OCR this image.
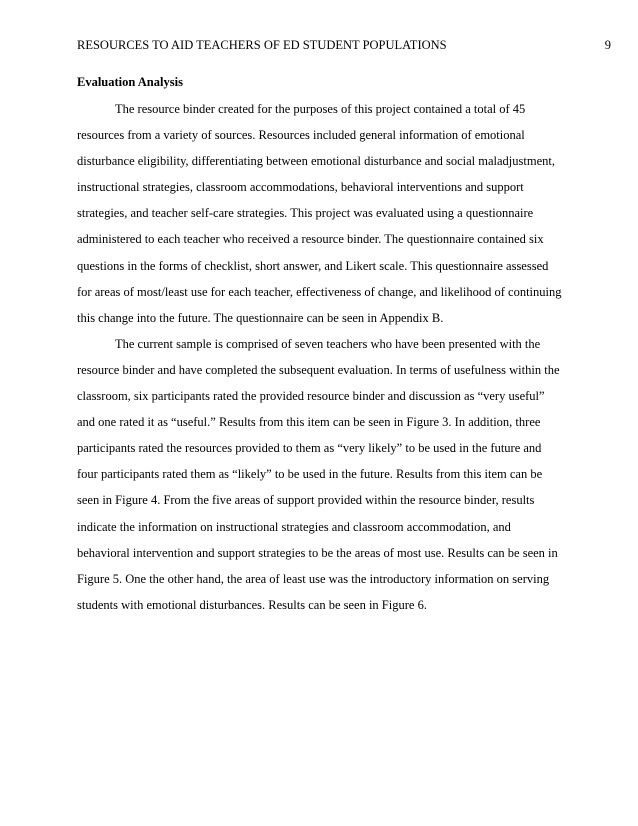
RESOURCES TO AID TEACHERS OF ED STUDENT POPULATIONS	9
Evaluation Analysis
The resource binder created for the purposes of this project contained a total of 45
resources from a variety of sources. Resources included general information of emotional
disturbance eligibility, differentiating between emotional disturbance and social maladjustment,
instructional strategies, classroom accommodations, behavioral interventions and support
strategies, and teacher self-care strategies. This project was evaluated using a questionnaire
administered to each teacher who received a resource binder. The questionnaire contained six
questions in the forms of checklist, short answer, and Likert scale. This questionnaire assessed
for areas of most/least use for each teacher, effectiveness of change, and likelihood of continuing
this change into the future. The questionnaire can be seen in Appendix B.
The current sample is comprised of seven teachers who have been presented with the
resource binder and have completed the subsequent evaluation. In terms of usefulness within the
classroom, six participants rated the provided resource binder and discussion as “very useful”
and one rated it as “useful.” Results from this item can be seen in Figure 3. In addition, three
participants rated the resources provided to them as “very likely” to be used in the future and
four participants rated them as “likely” to be used in the future. Results from this item can be
seen in Figure 4. From the five areas of support provided within the resource binder, results
indicate the information on instructional strategies and classroom accommodation, and
behavioral intervention and support strategies to be the areas of most use. Results can be seen in
Figure 5. One the other hand, the area of least use was the introductory information on serving
students with emotional disturbances. Results can be seen in Figure 6.
